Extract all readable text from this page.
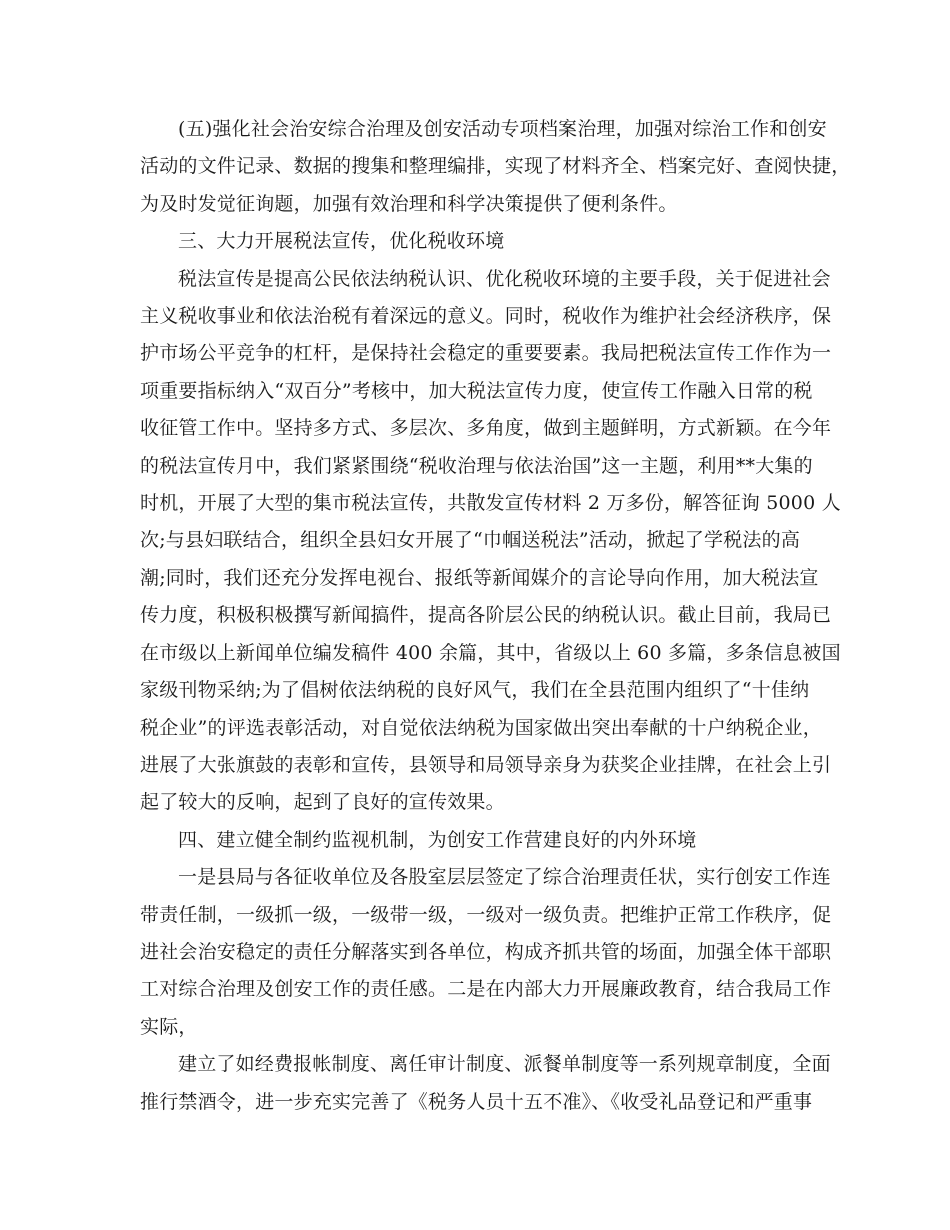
(五)强化社会治安综合治理及创安活动专项档案治理，加强对综治工作和创安
活动的文件记录、数据的搜集和整理编排，实现了材料齐全、档案完好、查阅快捷，
为及时发觉征询题，加强有效治理和科学决策提供了便利条件。
三、大力开展税法宣传，优化税收环境
税法宣传是提高公民依法纳税认识、优化税收环境的主要手段，关于促进社会
主义税收事业和依法治税有着深远的意义。同时，税收作为维护社会经济秩序，保
护市场公平竞争的杠杆，是保持社会稳定的重要要素。我局把税法宣传工作作为一
项重要指标纳入“双百分”考核中，加大税法宣传力度，使宣传工作融入日常的税
收征管工作中。坚持多方式、多层次、多角度，做到主题鲜明，方式新颖。在今年
的税法宣传月中，我们紧紧围绕“税收治理与依法治国”这一主题，利用**大集的
时机，开展了大型的集市税法宣传，共散发宣传材料 2 万多份，解答征询 5000 人
次;与县妇联结合，组织全县妇女开展了“巾帼送税法”活动，掀起了学税法的高
潮;同时，我们还充分发挥电视台、报纸等新闻媒介的言论导向作用，加大税法宣
传力度，积极积极撰写新闻搞件，提高各阶层公民的纳税认识。截止目前，我局已
在市级以上新闻单位编发稿件 400 余篇，其中，省级以上 60 多篇，多条信息被国
家级刊物采纳;为了倡树依法纳税的良好风气，我们在全县范围内组织了“十佳纳
税企业”的评选表彰活动，对自觉依法纳税为国家做出突出奉献的十户纳税企业，
进展了大张旗鼓的表彰和宣传，县领导和局领导亲身为获奖企业挂牌，在社会上引
起了较大的反响，起到了良好的宣传效果。
四、建立健全制约监视机制，为创安工作营建良好的内外环境
一是县局与各征收单位及各股室层层签定了综合治理责任状，实行创安工作连
带责任制，一级抓一级，一级带一级，一级对一级负责。把维护正常工作秩序，促
进社会治安稳定的责任分解落实到各单位，构成齐抓共管的场面，加强全体干部职
工对综合治理及创安工作的责任感。二是在内部大力开展廉政教育，结合我局工作
实际，
建立了如经费报帐制度、离任审计制度、派餐单制度等一系列规章制度，全面
推行禁酒令，进一步充实完善了《税务人员十五不准》、《收受礼品登记和严重事
